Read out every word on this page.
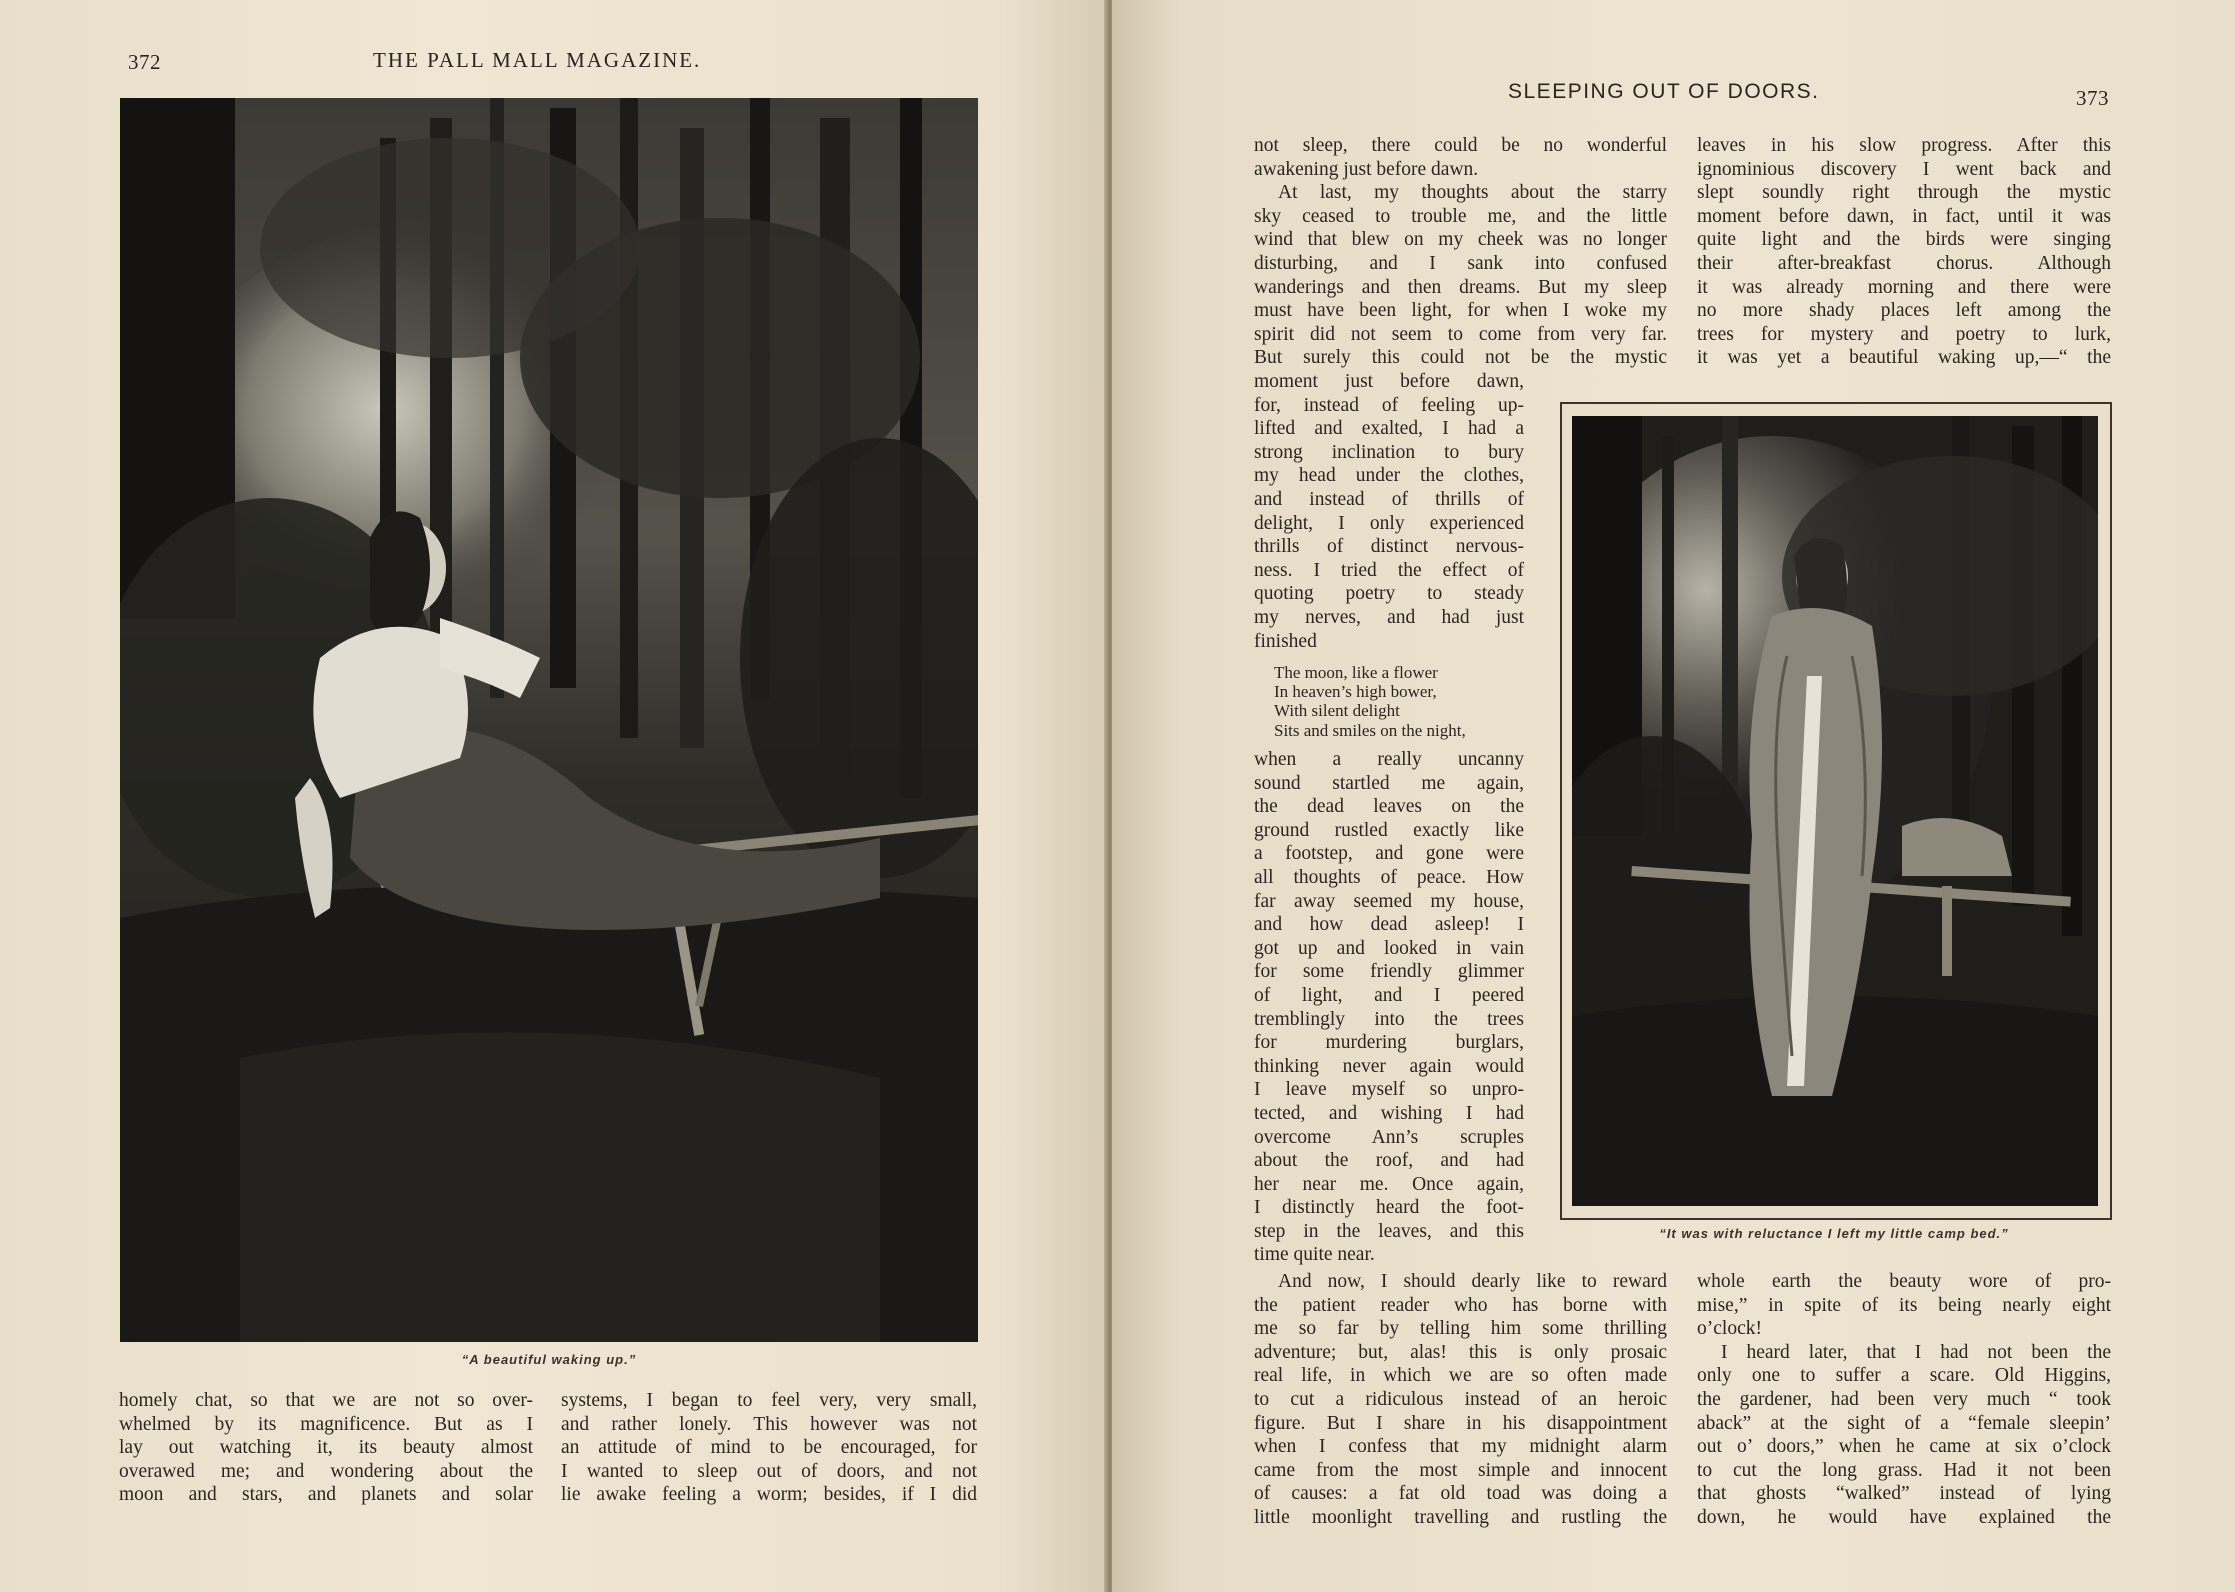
372	THE PALL MALL MAGAZINE.
“A beautiful waking up.”
homely chat, so that we are not so over-
whelmed by its magnificence. But as I
lay out watching it, its beauty almost
overawed me; and wondering about the
moon and stars, and planets and solar
systems, I began to feel very, very small,
and rather lonely. This however was not
an attitude of mind to be encouraged, for
I wanted to sleep out of doors, and not
lie awake feeling a worm; besides, if I did
SLEEPING OUT OF DOORS.	373
not sleep, there could be no wonderful
awakening just before dawn.
At last, my thoughts about the starry
sky ceased to trouble me, and the little
wind that blew on my cheek was no longer
disturbing, and I sank into confused
wanderings and then dreams. But my sleep
must have been light, for when I woke my
spirit did not seem to come from very far.
But surely this could not be the mystic
moment just before dawn,
for, instead of feeling up-
lifted and exalted, I had a
strong inclination to bury
my head under the clothes,
and instead of thrills of
delight, I only experienced
thrills of distinct nervous-
ness. I tried the effect of
quoting poetry to steady
my nerves, and had just
finished
The moon, like a flower
In heaven’s high bower,
With silent delight
Sits and smiles on the night,
when a really uncanny
sound startled me again,
the dead leaves on the
ground rustled exactly like
a footstep, and gone were
all thoughts of peace. How
far away seemed my house,
and how dead asleep! I
got up and looked in vain
for some friendly glimmer
of light, and I peered
tremblingly into the trees
for murdering burglars,
thinking never again would
I leave myself so unpro-
tected, and wishing I had
overcome Ann’s scruples
about the roof, and had
her near me. Once again,
I distinctly heard the foot-
step in the leaves, and this
time quite near.
And now, I should dearly like to reward
the patient reader who has borne with
me so far by telling him some thrilling
adventure; but, alas! this is only prosaic
real life, in which we are so often made
to cut a ridiculous instead of an heroic
figure. But I share in his disappointment
when I confess that my midnight alarm
came from the most simple and innocent
of causes: a fat old toad was doing a
little moonlight travelling and rustling the
leaves in his slow progress. After this
ignominious discovery I went back and
slept soundly right through the mystic
moment before dawn, in fact, until it was
quite light and the birds were singing
their after-breakfast chorus. Although
it was already morning and there were
no more shady places left among the
trees for mystery and poetry to lurk,
it was yet a beautiful waking up,—“ the
“It was with reluctance I left my little camp bed.”
whole earth the beauty wore of pro-
mise,” in spite of its being nearly eight
o’clock!
I heard later, that I had not been the
only one to suffer a scare. Old Higgins,
the gardener, had been very much “ took
aback” at the sight of a “female sleepin’
out o’ doors,” when he came at six o’clock
to cut the long grass. Had it not been
that ghosts “walked” instead of lying
down, he would have explained the
